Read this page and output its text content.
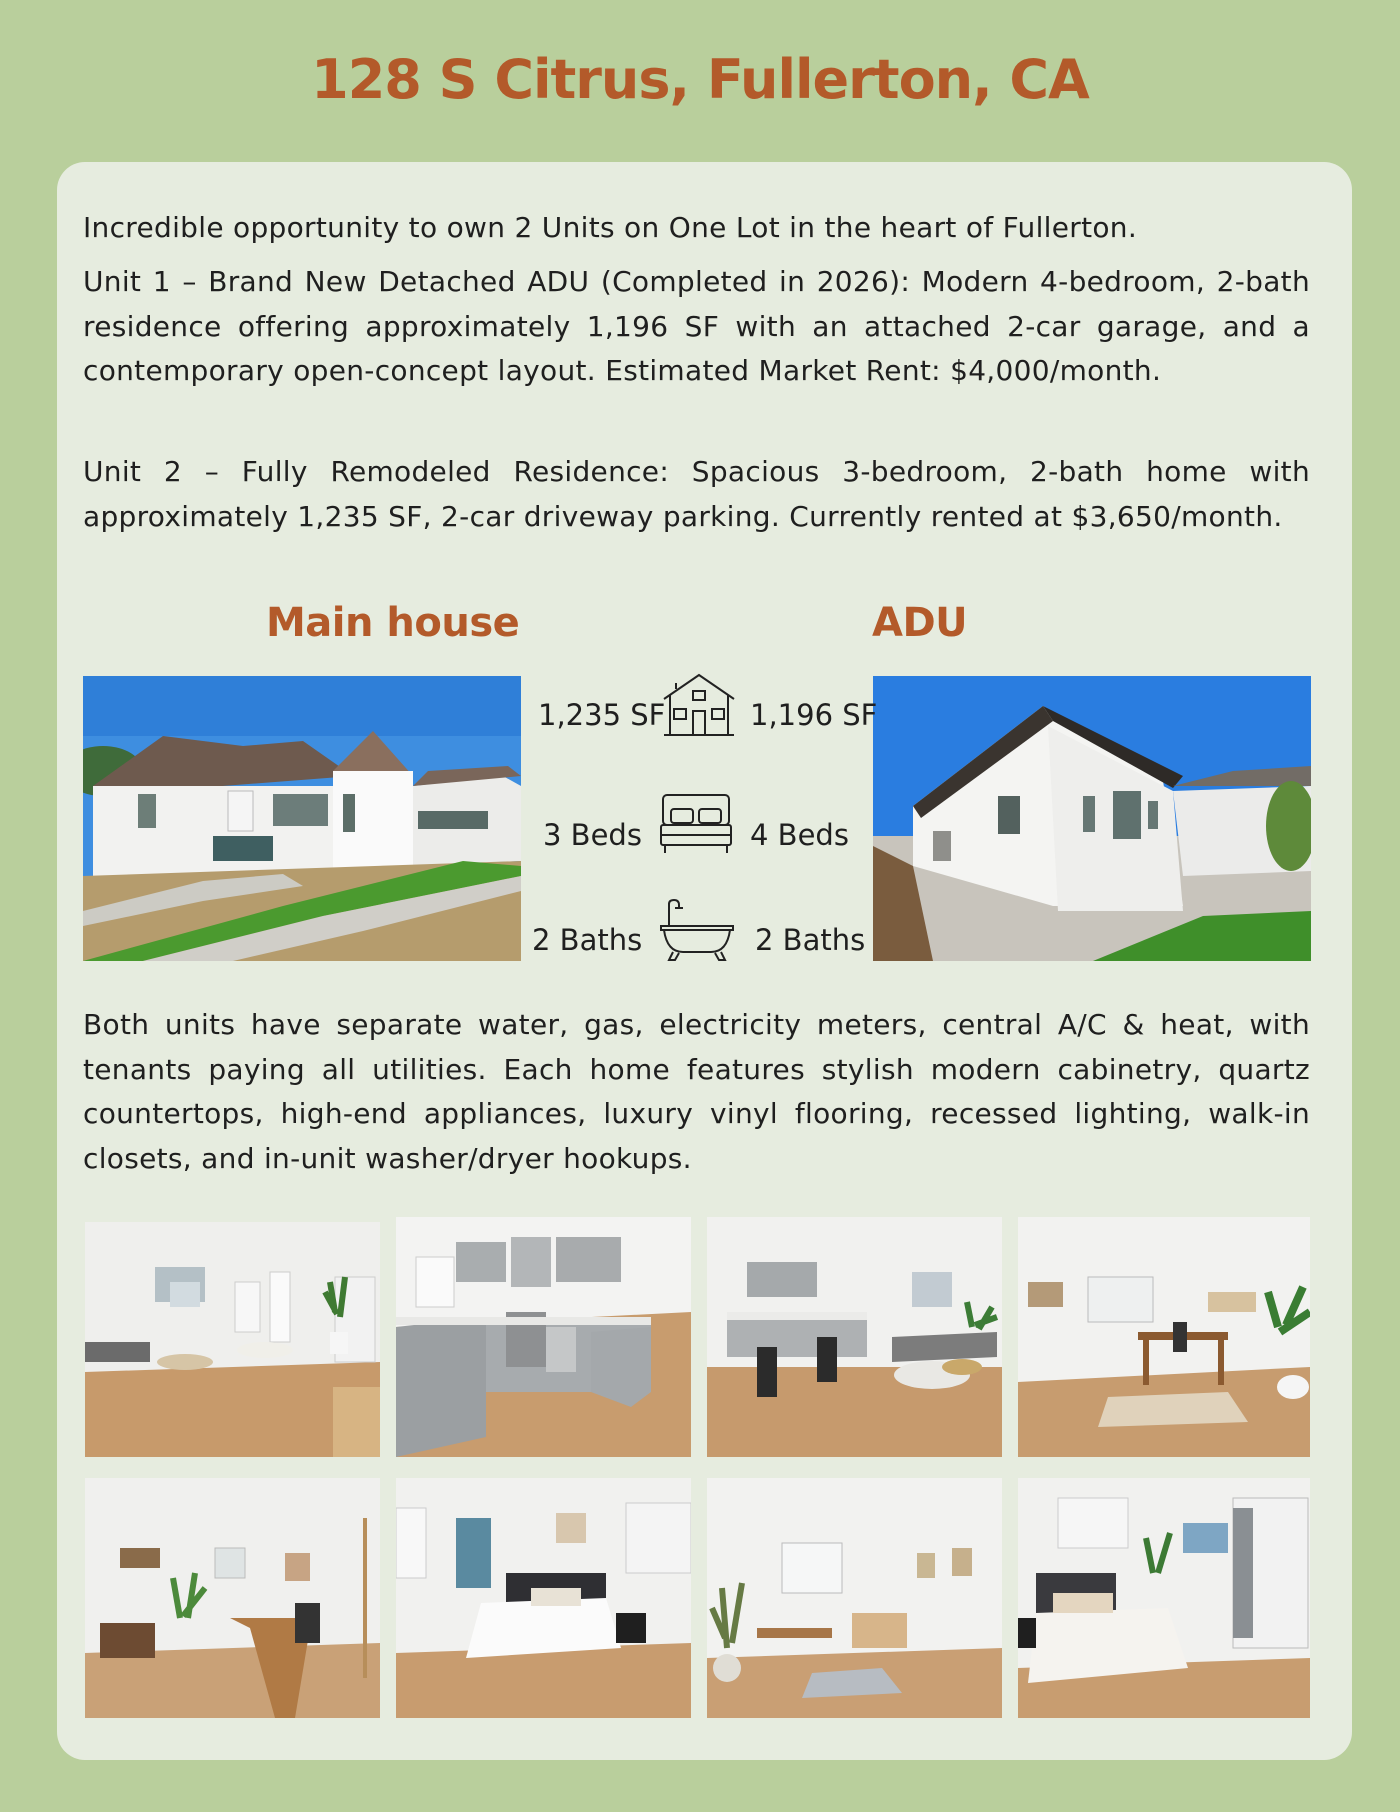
128 S Citrus, Fullerton, CA

Incredible opportunity to own 2 Units on One Lot in the heart of Fullerton.

Unit 1 – Brand New Detached ADU (Completed in 2026): Modern 4-bedroom, 2-bath residence offering approximately 1,196 SF with an attached 2-car garage, and a contemporary open-concept layout. Estimated Market Rent: $4,000/month.

Unit 2 – Fully Remodeled Residence: Spacious 3-bedroom, 2-bath home with approximately 1,235 SF, 2-car driveway parking. Currently rented at $3,650/month.

Main house	ADU
1,235 SF	1,196 SF
3 Beds	4 Beds
2 Baths	2 Baths

Both units have separate water, gas, electricity meters, central A/C & heat, with tenants paying all utilities. Each home features stylish modern cabinetry, quartz countertops, high-end appliances, luxury vinyl flooring, recessed lighting, walk-in closets, and in-unit washer/dryer hookups.
